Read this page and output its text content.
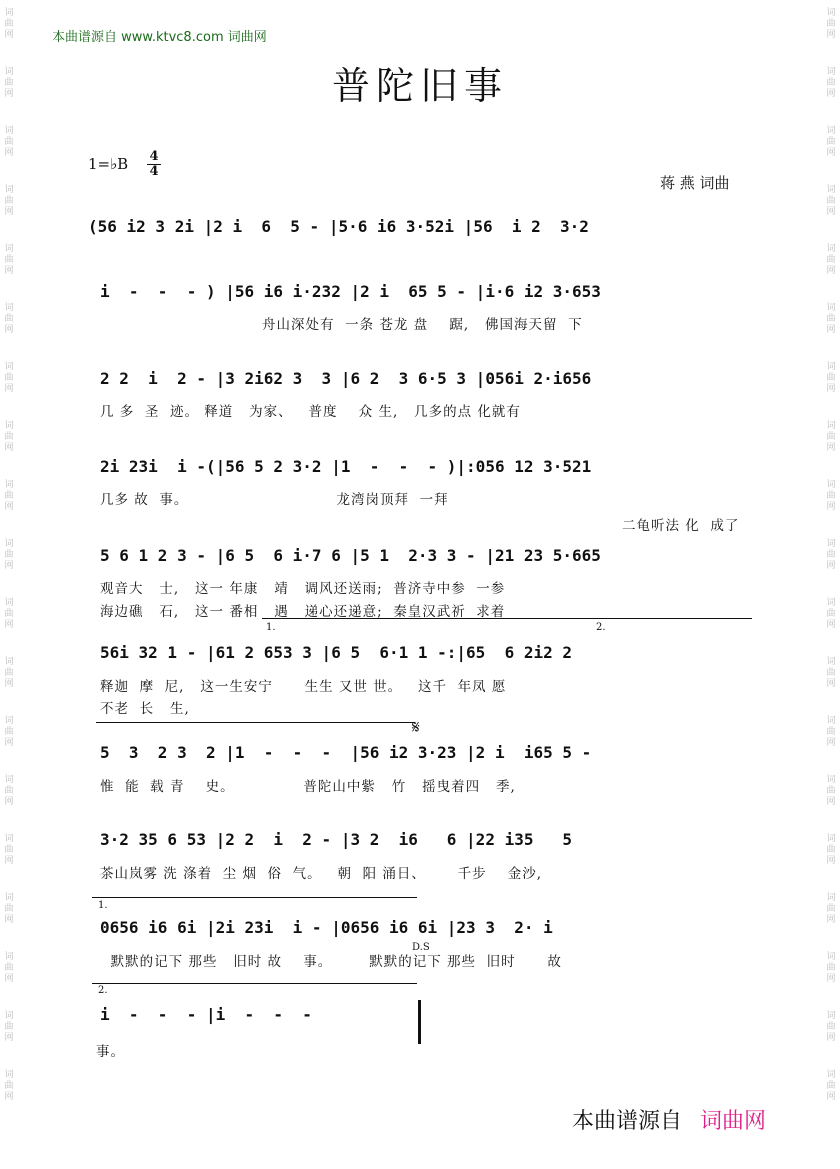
本曲谱源自 www.ktvc8.com 词曲网
普陀旧事
1=♭B 4
4
蒋 燕 词曲
词
曲
网
词
曲
网
词
曲
网
词
曲
网
词
曲
网
词
曲
网
词
曲
网
词
曲
网
词
曲
网
词
曲
网
词
曲
网
词
曲
网
词
曲
网
词
曲
网
词
曲
网
词
曲
网
词
曲
网
词
曲
网
词
曲
网
词
曲
网
词
曲
网
词
曲
网
词
曲
网
词
曲
网
词
曲
网
词
曲
网
词
曲
网
词
曲
网
词
曲
网
词
曲
网
词
曲
网
词
曲
网
词
曲
网
词
曲
网
词
曲
网
词
曲
网
词
曲
网
词
曲
网
(56 i2 3 2i |2 i  6  5 - |5·6 i6 3·52i |56  i 2  3·2
i  -  -  - ) |56 i6 i·232 |2 i  65 5 - |i·6 i2 3·653
舟山深处有  一条 苍龙 盘    踞,   佛国海天留  下
2 2  i  2 - |3 2i62 3  3 |6 2  3 6·5 3 |056i 2·i656
几 多  圣  迹。 释道   为家、   普度    众 生,   几多的点 化就有
2i 23i  i -(|56 5 2 3·2 |1  -  -  - )|:056 12 3·521
几多 故  事。                            龙湾岗顶拜  一拜
二龟听法 化  成了
5 6 1 2 3 - |6 5  6 i·7 6 |5 1  2·3 3 - |21 23 5·665
观音大   士,   这一 年康   靖   调风还送雨;  普济寺中参  一参
海边礁   石,   这一 番相   遇   递心还递意;  秦皇汉武祈  求着
1.	2.
56i 32 1 - |61 2 653 3 |6 5  6·1 1 -:|65  6 2i2 2
释迦  摩  尼,   这一生安宁      生生 又世 世。   这千  年凤 愿
不老  长   生,
𝄋
5  3  2 3  2 |1  -  -  -  |56 i2 3·23 |2 i  i65 5 -
惟  能  载 青    史。             普陀山中紫   竹   摇曳着四   季,
3·2 35 6 53 |2 2  i  2 - |3 2  i6   6 |22 i35   5
茶山岚雾 洗 涤着  尘 烟  俗  气。   朝  阳 涌日、      千步    金沙,
1.
0656 i6 6i |2i 23i  i - |0656 i6 6i |23 3  2· i
默默的记下 那些   旧时 故    事。       默默的记下 那些  旧时      故
D.S
2.
i  -  -  - |i  -  -  -
事。
本曲谱源自 词曲网
